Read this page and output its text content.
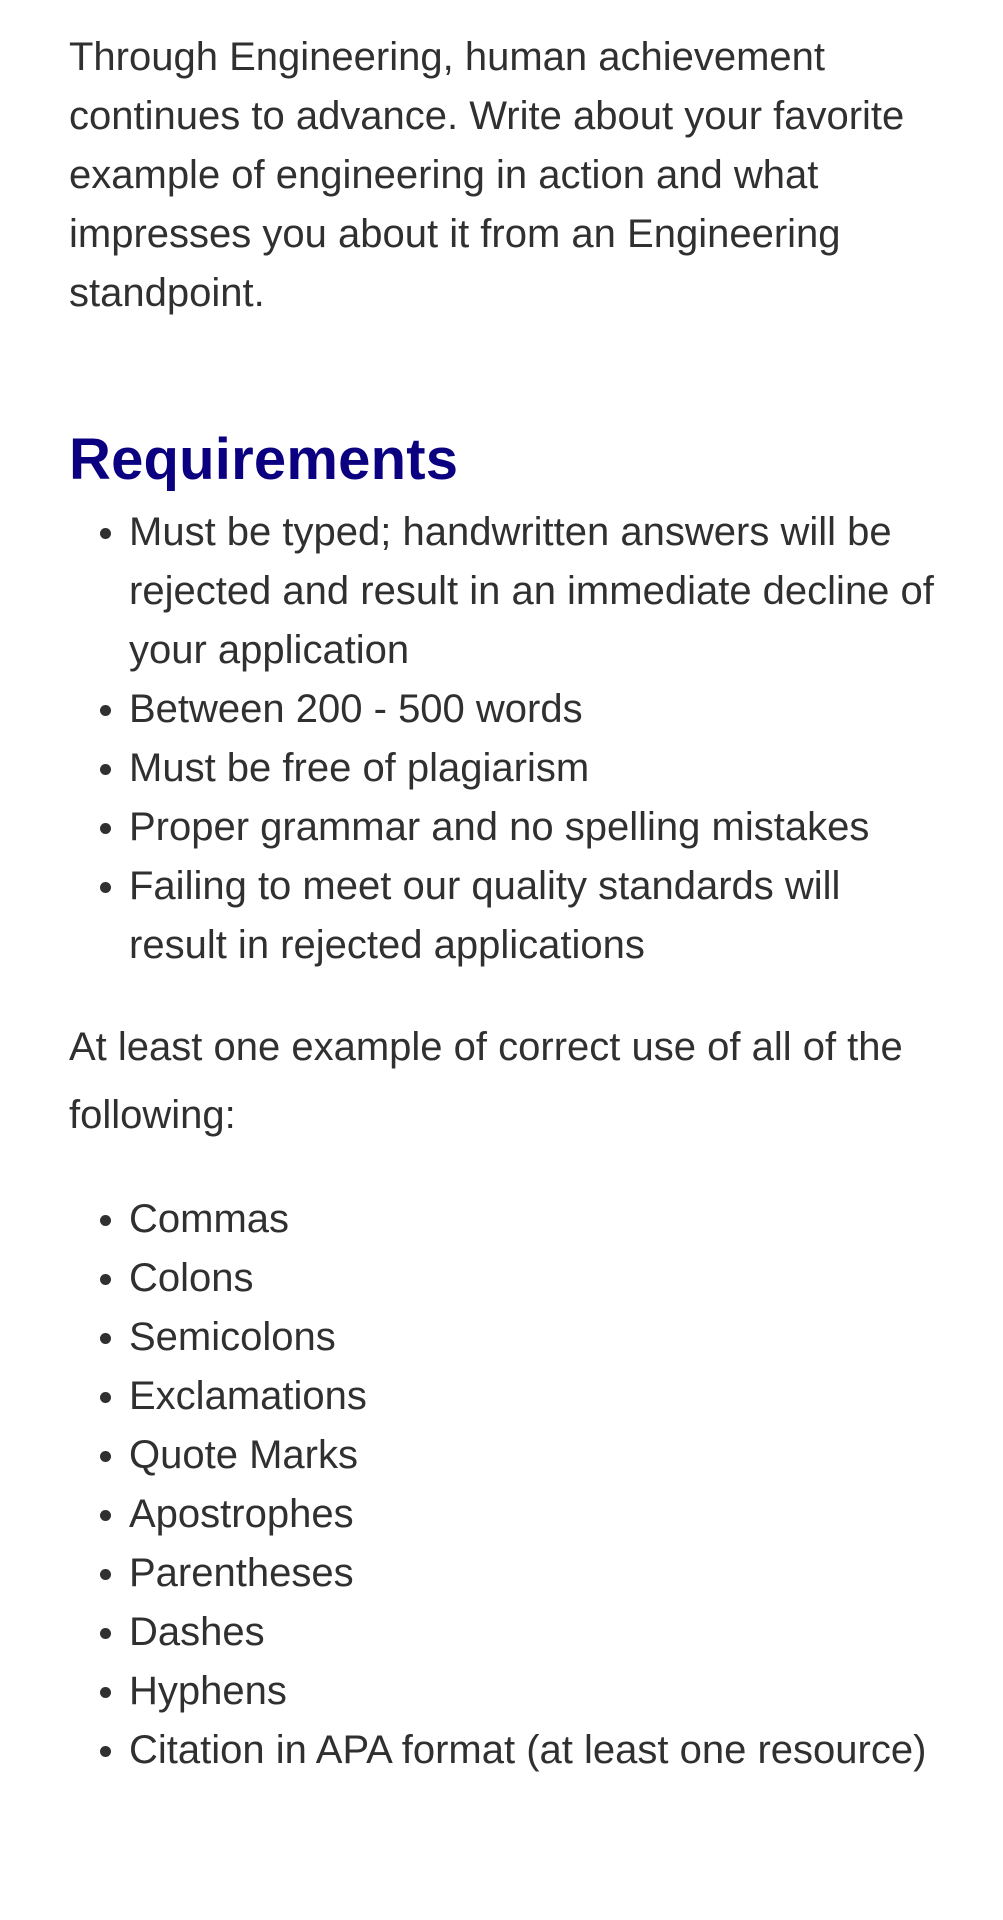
Through Engineering, human achievement continues to advance. Write about your favorite example of engineering in action and what impresses you about it from an Engineering standpoint.

Requirements
• Must be typed; handwritten answers will be rejected and result in an immediate decline of your application
• Between 200 - 500 words
• Must be free of plagiarism
• Proper grammar and no spelling mistakes
• Failing to meet our quality standards will result in rejected applications

At least one example of correct use of all of the following:

• Commas
• Colons
• Semicolons
• Exclamations
• Quote Marks
• Apostrophes
• Parentheses
• Dashes
• Hyphens
• Citation in APA format (at least one resource)
